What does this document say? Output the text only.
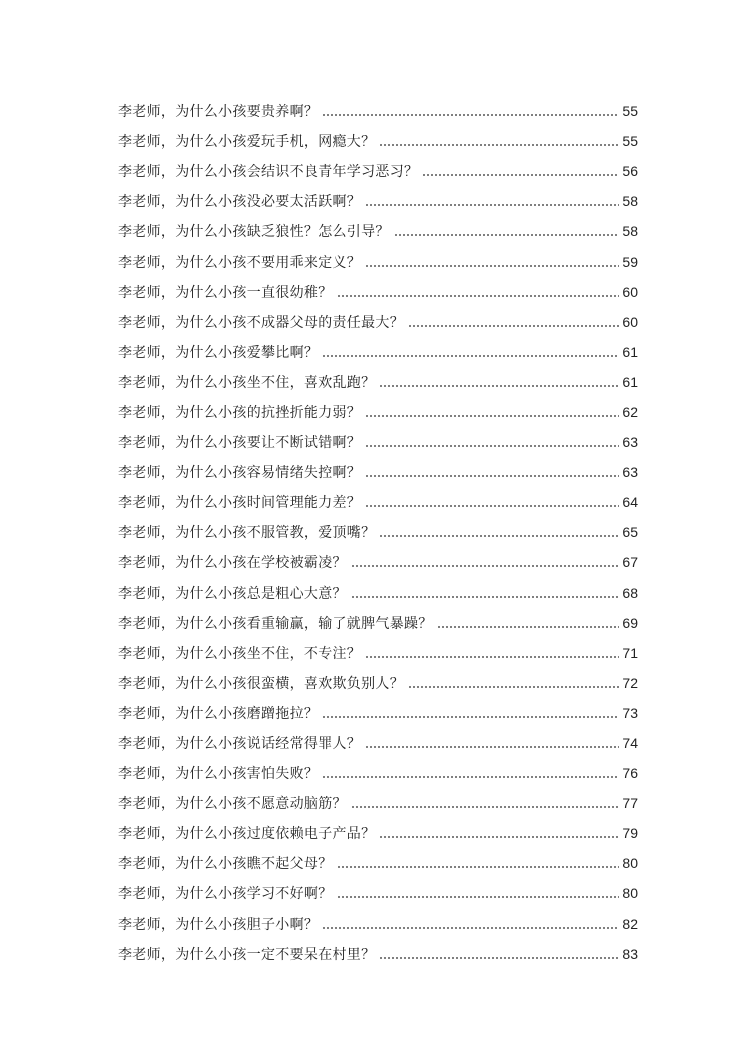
李老师，为什么小孩要贵养啊？	55
李老师，为什么小孩爱玩手机，网瘾大？	55
李老师，为什么小孩会结识不良青年学习恶习？	56
李老师，为什么小孩没必要太活跃啊？	58
李老师，为什么小孩缺乏狼性？怎么引导？	58
李老师，为什么小孩不要用乖来定义？	59
李老师，为什么小孩一直很幼稚？	60
李老师，为什么小孩不成器父母的责任最大？	60
李老师，为什么小孩爱攀比啊？	61
李老师，为什么小孩坐不住，喜欢乱跑？	61
李老师，为什么小孩的抗挫折能力弱？	62
李老师，为什么小孩要让不断试错啊？	63
李老师，为什么小孩容易情绪失控啊？	63
李老师，为什么小孩时间管理能力差？	64
李老师，为什么小孩不服管教，爱顶嘴？	65
李老师，为什么小孩在学校被霸凌？	67
李老师，为什么小孩总是粗心大意？	68
李老师，为什么小孩看重输赢，输了就脾气暴躁？	69
李老师，为什么小孩坐不住，不专注？	71
李老师，为什么小孩很蛮横，喜欢欺负别人？	72
李老师，为什么小孩磨蹭拖拉？	73
李老师，为什么小孩说话经常得罪人？	74
李老师，为什么小孩害怕失败？	76
李老师，为什么小孩不愿意动脑筋？	77
李老师，为什么小孩过度依赖电子产品？	79
李老师，为什么小孩瞧不起父母？	80
李老师，为什么小孩学习不好啊？	80
李老师，为什么小孩胆子小啊？	82
李老师，为什么小孩一定不要呆在村里？	83
